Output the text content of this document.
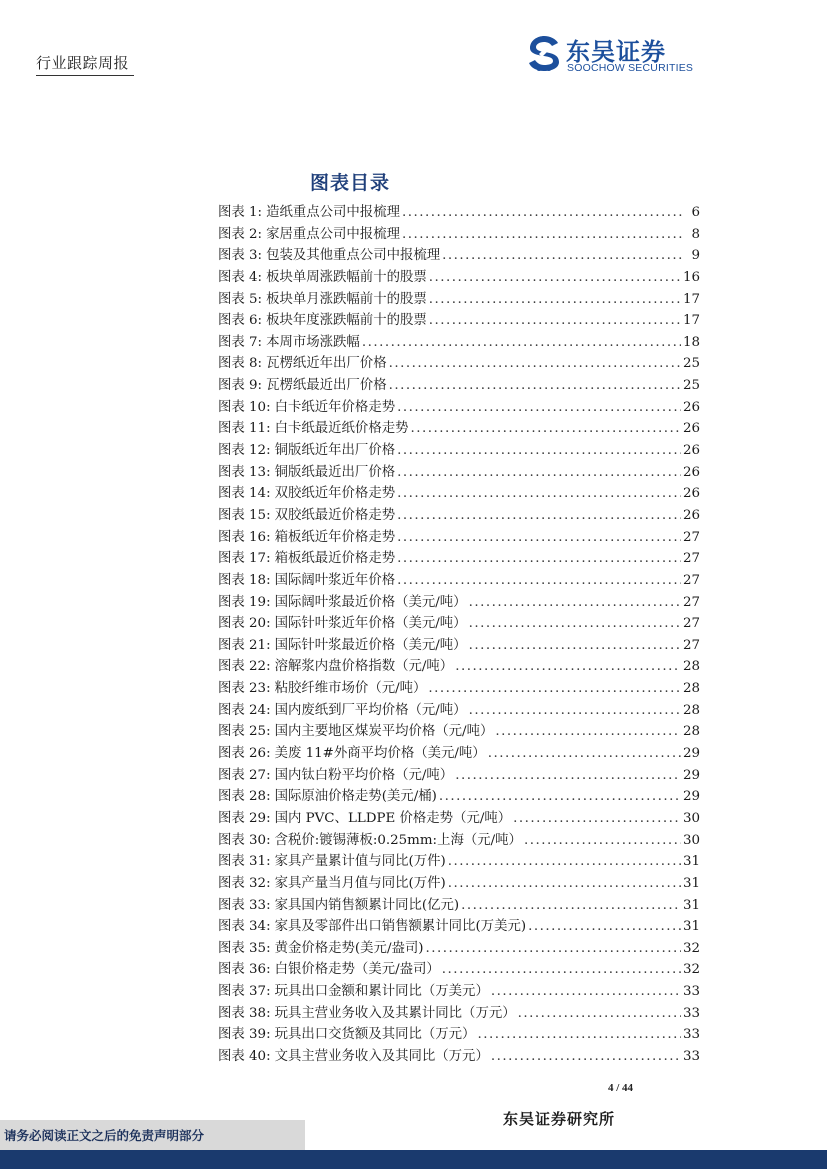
行业跟踪周报	SCS
东吴证券
SOOCHOW SECURITIES
图表目录
图表 1: 造纸重点公司中报梳理 .....	6
图表 2: 家居重点公司中报梳理 .....	8
图表 3: 包装及其他重点公司中报梳理 .....	9
图表 4: 板块单周涨跌幅前十的股票 .....	16
图表 5: 板块单月涨跌幅前十的股票 .....	17
图表 6: 板块年度涨跌幅前十的股票 .....	17
图表 7: 本周市场涨跌幅 .....	18
图表 8: 瓦楞纸近年出厂价格 .....	25
图表 9: 瓦楞纸最近出厂价格 .....	25
图表 10: 白卡纸近年价格走势 .....	26
图表 11: 白卡纸最近纸价格走势 .....	26
图表 12: 铜版纸近年出厂价格 .....	26
图表 13: 铜版纸最近出厂价格 .....	26
图表 14: 双胶纸近年价格走势 .....	26
图表 15: 双胶纸最近价格走势 .....	26
图表 16: 箱板纸近年价格走势 .....	27
图表 17: 箱板纸最近价格走势 .....	27
图表 18: 国际阔叶浆近年价格 .....	27
图表 19: 国际阔叶浆最近价格（美元/吨） .....	27
图表 20: 国际针叶浆近年价格（美元/吨） .....	27
图表 21: 国际针叶浆最近价格（美元/吨） .....	27
图表 22: 溶解浆内盘价格指数（元/吨） .....	28
图表 23: 粘胶纤维市场价（元/吨） .....	28
图表 24: 国内废纸到厂平均价格（元/吨） .....	28
图表 25: 国内主要地区煤炭平均价格（元/吨） .....	28
图表 26: 美废 11#外商平均价格（美元/吨） .....	29
图表 27: 国内钛白粉平均价格（元/吨） .....	29
图表 28: 国际原油价格走势(美元/桶) .....	29
图表 29: 国内 PVC、LLDPE 价格走势（元/吨） .....	30
图表 30: 含税价:镀锡薄板:0.25mm:上海（元/吨） .....	30
图表 31: 家具产量累计值与同比(万件) .....	31
图表 32: 家具产量当月值与同比(万件) .....	31
图表 33: 家具国内销售额累计同比(亿元) .....	31
图表 34: 家具及零部件出口销售额累计同比(万美元) .....	31
图表 35: 黄金价格走势(美元/盎司) .....	32
图表 36: 白银价格走势（美元/盎司） .....	32
图表 37: 玩具出口金额和累计同比（万美元） .....	33
图表 38: 玩具主营业务收入及其累计同比（万元） .....	33
图表 39: 玩具出口交货额及其同比（万元） .....	33
图表 40: 文具主营业务收入及其同比（万元） .....	33
4 / 44
东吴证券研究所
请务必阅读正文之后的免责声明部分
